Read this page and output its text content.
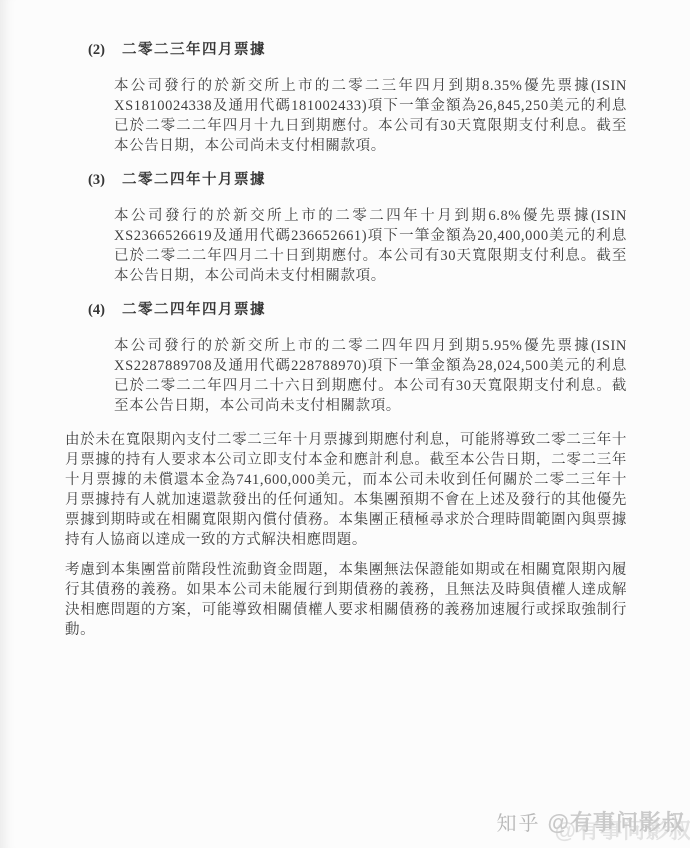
(2)	二零二三年四月票據

本公司發行的於新交所上市的二零二三年四月到期8.35%優先票據(ISIN XS1810024338及通用代碼181002433)項下一筆金額為26,845,250美元的利息已於二零二二年四月十九日到期應付。本公司有30天寬限期支付利息。截至本公告日期，本公司尚未支付相關款項。

(3)	二零二四年十月票據

本公司發行的於新交所上市的二零二四年十月到期6.8%優先票據(ISIN XS2366526619及通用代碼236652661)項下一筆金額為20,400,000美元的利息已於二零二二年四月二十日到期應付。本公司有30天寬限期支付利息。截至本公告日期，本公司尚未支付相關款項。

(4)	二零二四年四月票據

本公司發行的於新交所上市的二零二四年四月到期5.95%優先票據(ISIN XS2287889708及通用代碼228788970)項下一筆金額為28,024,500美元的利息已於二零二二年四月二十六日到期應付。本公司有30天寬限期支付利息。截至本公告日期，本公司尚未支付相關款項。

由於未在寬限期內支付二零二三年十月票據到期應付利息，可能將導致二零二三年十月票據的持有人要求本公司立即支付本金和應計利息。截至本公告日期，二零二三年十月票據的未償還本金為741,600,000美元，而本公司未收到任何關於二零二三年十月票據持有人就加速還款發出的任何通知。本集團預期不會在上述及發行的其他優先票據到期時或在相關寬限期內償付債務。本集團正積極尋求於合理時間範圍內與票據持有人協商以達成一致的方式解決相應問題。

考慮到本集團當前階段性流動資金問題，本集團無法保證能如期或在相關寬限期內履行其債務的義務。如果本公司未能履行到期債務的義務，且無法及時與債權人達成解決相應問題的方案，可能導致相關債權人要求相關債務的義務加速履行或採取強制行動。

知乎 @有事问影叔
